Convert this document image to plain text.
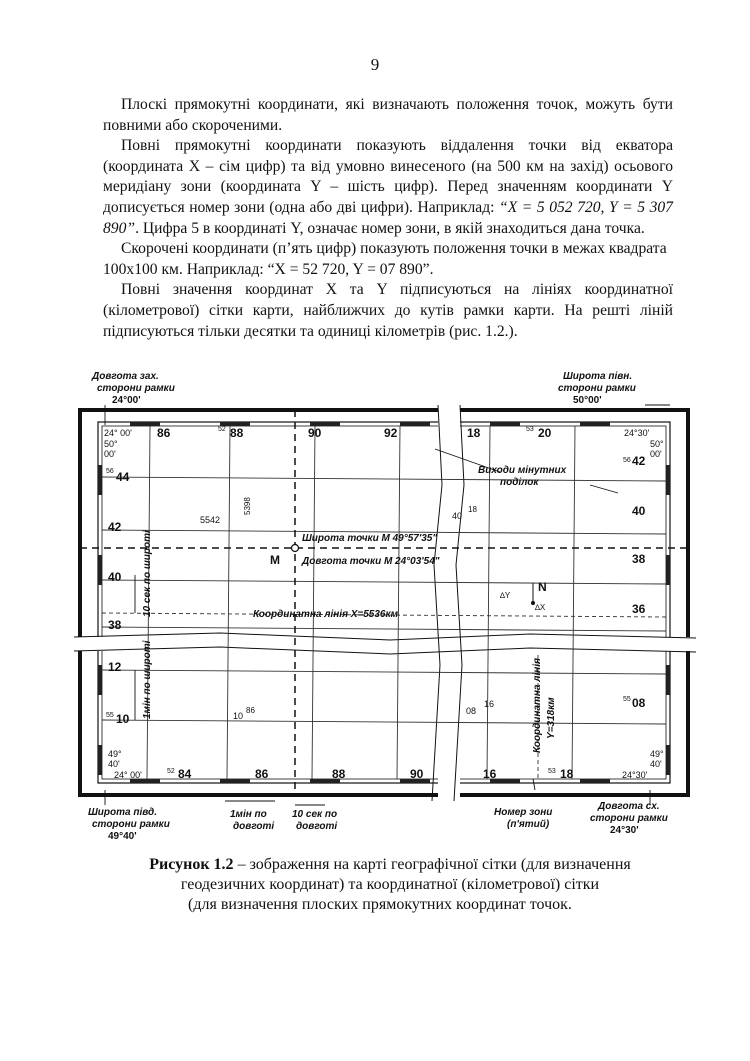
9

Плоскі прямокутні координати, які визначають положення точок, можуть бути повними або скороченими.

Повні прямокутні координати показують віддалення точки від екватора (координата Х – сім цифр) та від умовно винесеного (на 500 км на захід) осьового меридіану зони (координата Y – шість цифр). Перед значенням координати Y дописується номер зони (одна або дві цифри). Наприклад: “X = 5 052 720, Y = 5 307 890”. Цифра 5 в координаті Y, означає номер зони, в якій знаходиться дана точка.

Скорочені координати (п’ять цифр) показують положення точки в межах квадрата 100х100 км. Наприклад: “X = 52 720, Y = 07 890”.

Повні значення координат Х та Y підписуються на лініях координатної (кілометрової) сітки карти, найближчих до кутів рамки карти. На решті ліній підписуються тільки десятки та одиниці кілометрів (рис. 1.2.).

Довгота зах.
сторони рамки
24°00'
Широта півн.
сторони рамки
50°00'
24° 00'
50°
00'
24°30'
50°
00'
49°
40'
24° 00'
49°
40'
24°30'
86	52 88	90	92	18	53 20
52 84	86	88	90	16	53 18
56 44
42
40
38
12
55 10
56 42
40
38
36
55 08
5542
5398
40
18
10
86	08
16
Широта точки М 49°57'35"
Довгота точки М 24°03'54"
M
Координатна лінія Х=5536км
Координатна лінія Y=318км
N
∆Y
∆X
Виходи мінутних
поділок
10 сек по широті
1мін по широті
Широта півд.
сторони рамки
49°40'
1мін по
довготі
10 сек по
довготі
Номер зони
(п'ятий)
Довгота сх.
сторони рамки
24°30'
Рисунок 1.2 – зображення на карті географічної сітки (для визначення
геодезичних координат) та координатної (кілометрової) сітки
(для визначення плоских прямокутних координат точок.
